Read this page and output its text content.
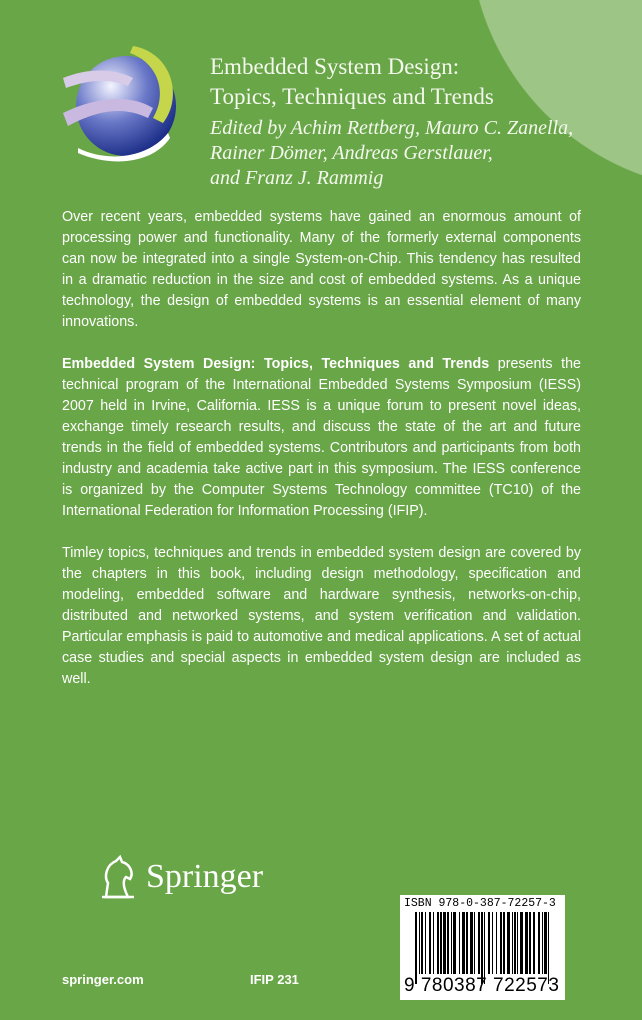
Embedded System Design:
Topics, Techniques and Trends
Edited by Achim Rettberg, Mauro C. Zanella,
Rainer Dömer, Andreas Gerstlauer,
and Franz J. Rammig

Over recent years, embedded systems have gained an enormous amount of processing power and functionality. Many of the formerly external components can now be integrated into a single System-on-Chip. This tendency has resulted in a dramatic reduction in the size and cost of embedded systems. As a unique technology, the design of embedded systems is an essential element of many innovations.

Embedded System Design: Topics, Techniques and Trends presents the technical program of the International Embedded Systems Symposium (IESS) 2007 held in Irvine, California. IESS is a unique forum to present novel ideas, exchange timely research results, and discuss the state of the art and future trends in the field of embedded systems. Contributors and participants from both industry and academia take active part in this symposium. The IESS conference is organized by the Computer Systems Technology committee (TC10) of the International Federation for Information Processing (IFIP).

Timley topics, techniques and trends in embedded system design are covered by the chapters in this book, including design methodology, specification and modeling, embedded software and hardware synthesis, networks-on-chip, distributed and networked systems, and system verification and validation. Particular emphasis is paid to automotive and medical applications. A set of actual case studies and special aspects in embedded system design are included as well.

Springer
springer.com	IFIP 231
ISBN 978-0-387-72257-3
9 780387 722573
